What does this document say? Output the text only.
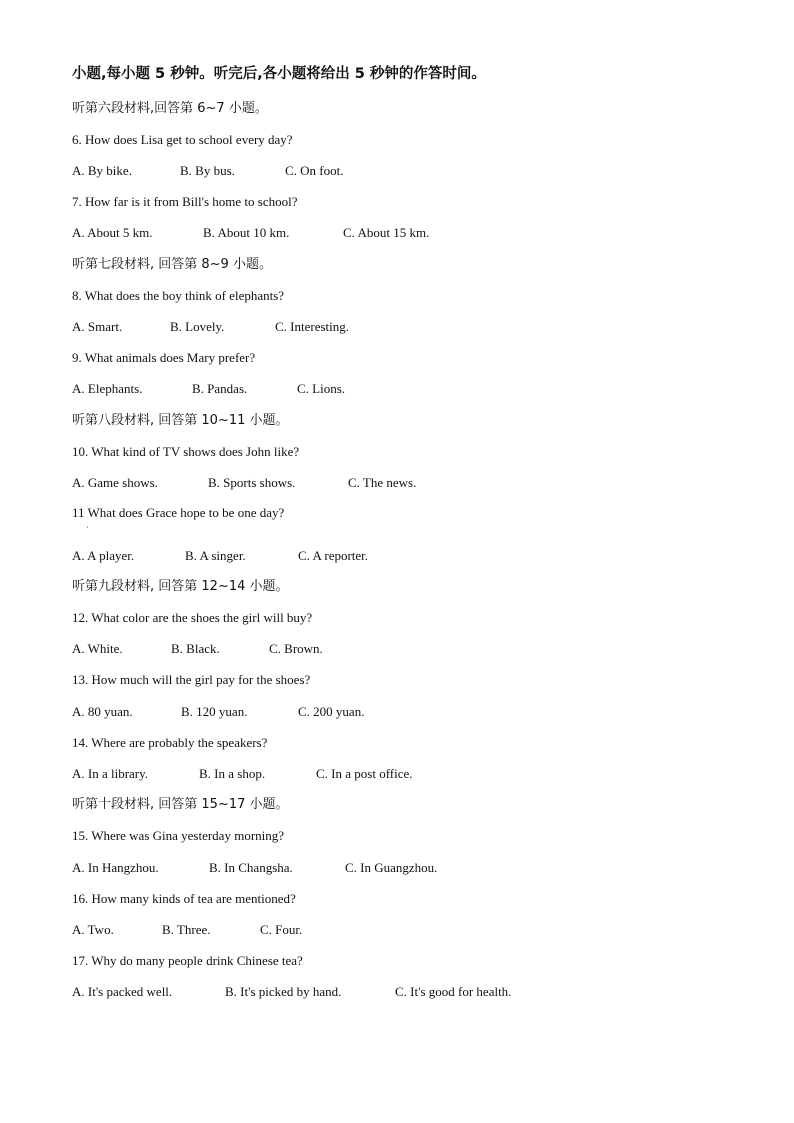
小题,每小题 5 秒钟。听完后,各小题将给出 5 秒钟的作答时间。
听第六段材料,回答第 6~7 小题。
6. How does Lisa get to school every day?
A. By bike.	B. By bus.	C. On foot.
7. How far is it from Bill's home to school?
A. About 5 km.	B. About 10 km.	C. About 15 km.
听第七段材料, 回答第 8~9 小题。
8. What does the boy think of elephants?
A. Smart.	B. Lovely.	C. Interesting.
9. What animals does Mary prefer?
A. Elephants.	B. Pandas.	C. Lions.
听第八段材料, 回答第 10~11 小题。
10. What kind of TV shows does John like?
A. Game shows.	B. Sports shows.	C. The news.
11 What does Grace hope to be one day?
·
A. A player.	B. A singer.	C. A reporter.
听第九段材料, 回答第 12~14 小题。
12. What color are the shoes the girl will buy?
A. White.	B. Black.	C. Brown.
13. How much will the girl pay for the shoes?
A. 80 yuan.	B. 120 yuan.	C. 200 yuan.
14. Where are probably the speakers?
A. In a library.	B. In a shop.	C. In a post office.
听第十段材料, 回答第 15~17 小题。
15. Where was Gina yesterday morning?
A. In Hangzhou.	B. In Changsha.	C. In Guangzhou.
16. How many kinds of tea are mentioned?
A. Two.	B. Three.	C. Four.
17. Why do many people drink Chinese tea?
A. It's packed well.	B. It's picked by hand.	C. It's good for health.
